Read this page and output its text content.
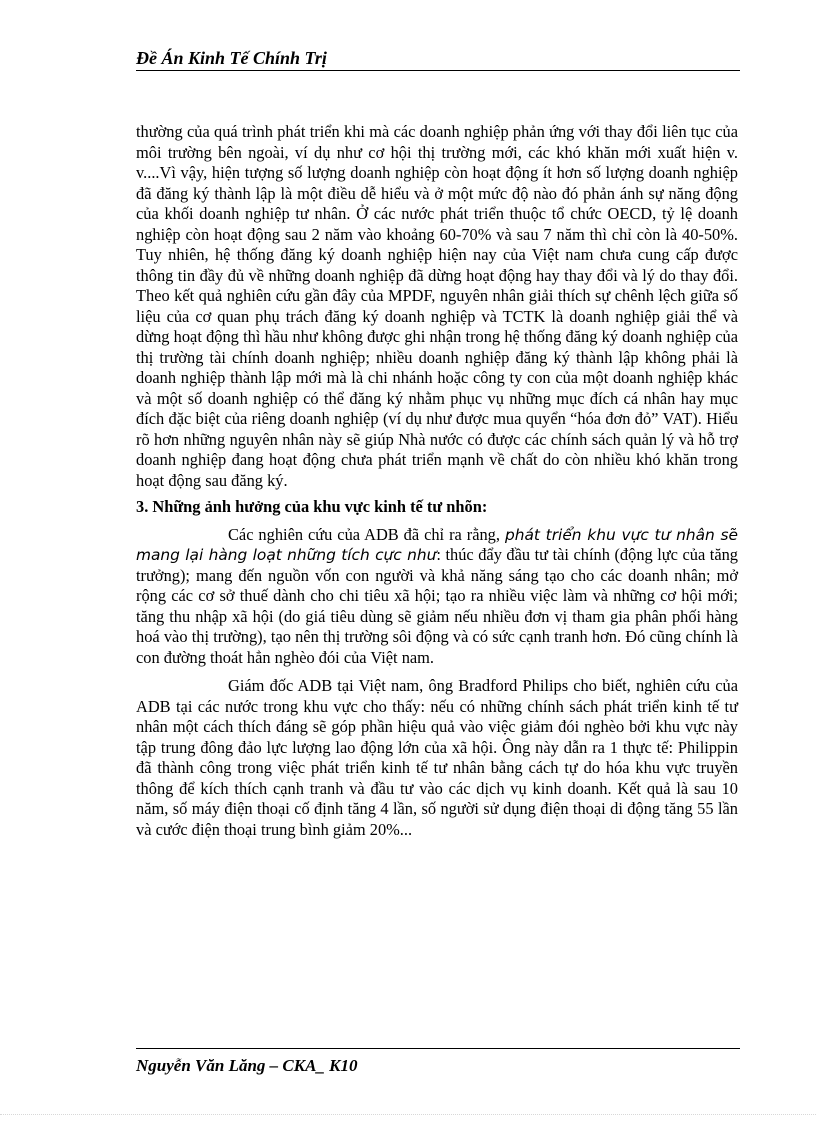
Đề Án Kinh Tế Chính Trị

thường của quá trình phát triển khi mà các doanh nghiệp phản ứng với thay đổi liên tục của môi trường bên ngoài, ví dụ như cơ hội thị trường mới, các khó khăn mới xuất hiện v. v....Vì vậy, hiện tượng số lượng doanh nghiệp còn hoạt động ít hơn số lượng doanh nghiệp đã đăng ký thành lập là một điều dễ hiểu và ở một mức độ nào đó phản ánh sự năng động của khối doanh nghiệp tư nhân. Ở các nước phát triển thuộc tổ chức OECD, tỷ lệ doanh nghiệp còn hoạt động sau 2 năm vào khoảng 60-70% và sau 7 năm thì chỉ còn là 40-50%. Tuy nhiên, hệ thống đăng ký doanh nghiệp hiện nay của Việt nam chưa cung cấp được thông tin đầy đủ về những doanh nghiệp đã dừng hoạt động hay thay đổi và lý do thay đổi. Theo kết quả nghiên cứu gần đây của MPDF, nguyên nhân giải thích sự chênh lệch giữa số liệu của cơ quan phụ trách đăng ký doanh nghiệp và TCTK là doanh nghiệp giải thể và dừng hoạt động thì hầu như không được ghi nhận trong hệ thống đăng ký doanh nghiệp của thị trường tài chính doanh nghiệp; nhiều doanh nghiệp đăng ký thành lập không phải là doanh nghiệp thành lập mới mà là chi nhánh hoặc công ty con của một doanh nghiệp khác và một số doanh nghiệp có thể đăng ký nhằm phục vụ những mục đích cá nhân hay mục đích đặc biệt của riêng doanh nghiệp (ví dụ như được mua quyển “hóa đơn đỏ” VAT). Hiểu rõ hơn những nguyên nhân này sẽ giúp Nhà nước có được các chính sách quản lý và hỗ trợ doanh nghiệp đang hoạt động chưa phát triển mạnh về chất do còn nhiều khó khăn trong hoạt động sau đăng ký.

3. Những ảnh hưởng của khu vực kinh tế tư nhõn:

Các nghiên cứu của ADB đã chỉ ra rằng, phát triển khu vực tư nhân sẽ mang lại hàng loạt những tích cực như: thúc đẩy đầu tư tài chính (động lực của tăng trưởng); mang đến nguồn vốn con người và khả năng sáng tạo cho các doanh nhân; mở rộng các cơ sở thuế dành cho chi tiêu xã hội; tạo ra nhiều việc làm và những cơ hội mới; tăng thu nhập xã hội (do giá tiêu dùng sẽ giảm nếu nhiều đơn vị tham gia phân phối hàng hoá vào thị trường), tạo nên thị trường sôi động và có sức cạnh tranh hơn. Đó cũng chính là con đường thoát hẳn nghèo đói của Việt nam.

Giám đốc ADB tại Việt nam, ông Bradford Philips cho biết, nghiên cứu của ADB tại các nước trong khu vực cho thấy: nếu có những chính sách phát triển kinh tế tư nhân một cách thích đáng sẽ góp phần hiệu quả vào việc giảm đói nghèo bởi khu vực này tập trung đông đảo lực lượng lao động lớn của xã hội. Ông này dẫn ra 1 thực tế: Philippin đã thành công trong việc phát triển kinh tế tư nhân bằng cách tự do hóa khu vực truyền thông để kích thích cạnh tranh và đầu tư vào các dịch vụ kinh doanh. Kết quả là sau 10 năm, số máy điện thoại cố định tăng 4 lần, số người sử dụng điện thoại di động tăng 55 lần và cước điện thoại trung bình giảm 20%...

Nguyễn Văn Lăng – CKA_ K10
